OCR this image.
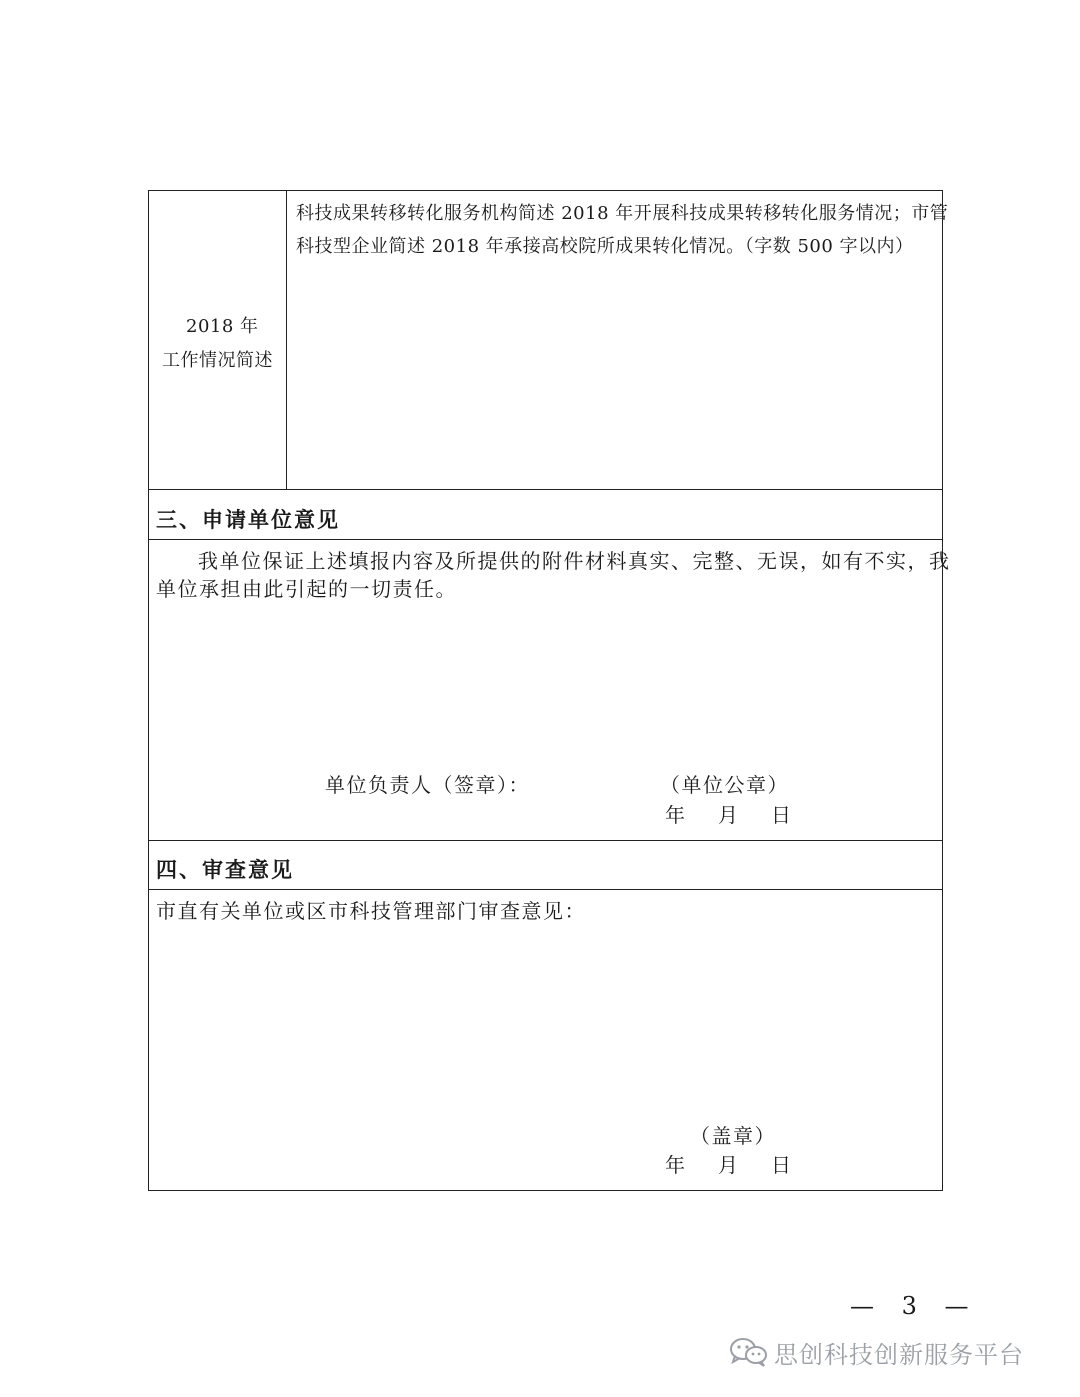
2018 年
工作情况简述
科技成果转移转化服务机构简述 2018 年开展科技成果转移转化服务情况；市管
科技型企业简述 2018 年承接高校院所成果转化情况。（字数 500 字以内）
三、申请单位意见
我单位保证上述填报内容及所提供的附件材料真实、完整、无误，如有不实，我
单位承担由此引起的一切责任。
单位负责人（签章）：	（单位公章）
年 月 日
四、审查意见
市直有关单位或区市科技管理部门审查意见：
（盖章）
年 月 日
— 3 —
思创科技创新服务平台
